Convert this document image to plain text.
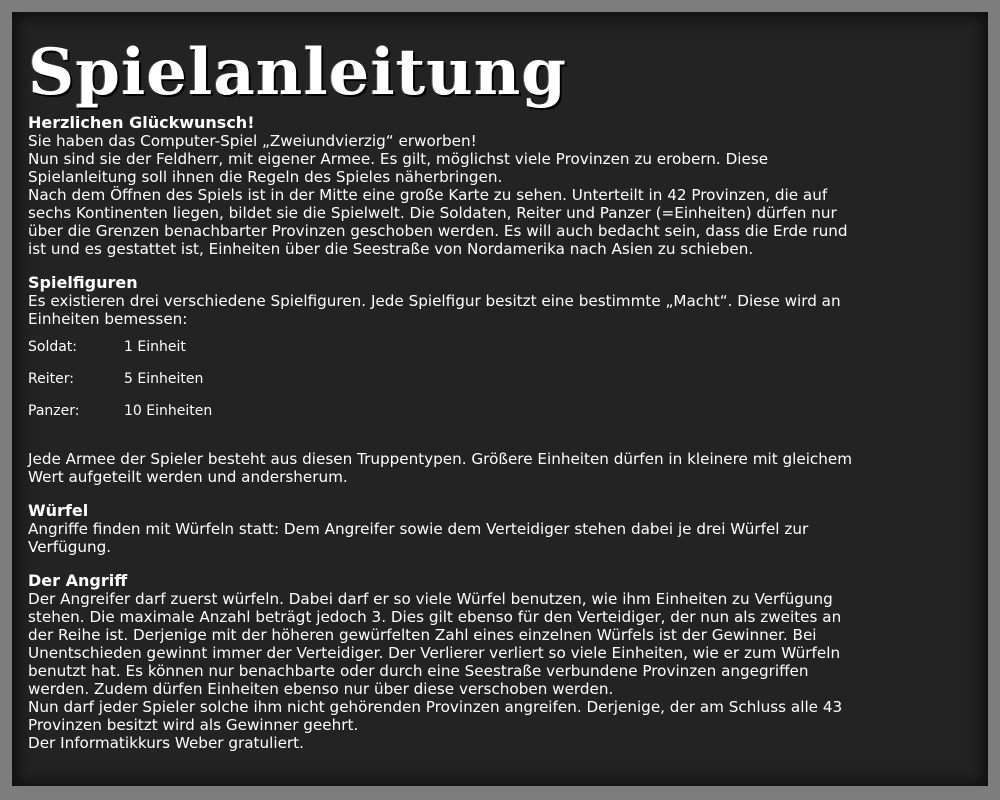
Spielanleitung
Herzlichen Glückwunsch!
Sie haben das Computer-Spiel „Zweiundvierzig“ erworben!
Nun sind sie der Feldherr, mit eigener Armee. Es gilt, möglichst viele Provinzen zu erobern. Diese
Spielanleitung soll ihnen die Regeln des Spieles näherbringen.
Nach dem Öffnen des Spiels ist in der Mitte eine große Karte zu sehen. Unterteilt in 42 Provinzen, die auf
sechs Kontinenten liegen, bildet sie die Spielwelt. Die Soldaten, Reiter und Panzer (=Einheiten) dürfen nur
über die Grenzen benachbarter Provinzen geschoben werden. Es will auch bedacht sein, dass die Erde rund
ist und es gestattet ist, Einheiten über die Seestraße von Nordamerika nach Asien zu schieben.
Spielfiguren
Es existieren drei verschiedene Spielfiguren. Jede Spielfigur besitzt eine bestimmte „Macht“. Diese wird an
Einheiten bemessen:
Soldat:	1 Einheit
Reiter:	5 Einheiten
Panzer:	10 Einheiten
Jede Armee der Spieler besteht aus diesen Truppentypen. Größere Einheiten dürfen in kleinere mit gleichem
Wert aufgeteilt werden und andersherum.
Würfel
Angriffe finden mit Würfeln statt: Dem Angreifer sowie dem Verteidiger stehen dabei je drei Würfel zur
Verfügung.
Der Angriff
Der Angreifer darf zuerst würfeln. Dabei darf er so viele Würfel benutzen, wie ihm Einheiten zu Verfügung
stehen. Die maximale Anzahl beträgt jedoch 3. Dies gilt ebenso für den Verteidiger, der nun als zweites an
der Reihe ist. Derjenige mit der höheren gewürfelten Zahl eines einzelnen Würfels ist der Gewinner. Bei
Unentschieden gewinnt immer der Verteidiger. Der Verlierer verliert so viele Einheiten, wie er zum Würfeln
benutzt hat. Es können nur benachbarte oder durch eine Seestraße verbundene Provinzen angegriffen
werden. Zudem dürfen Einheiten ebenso nur über diese verschoben werden.
Nun darf jeder Spieler solche ihm nicht gehörenden Provinzen angreifen. Derjenige, der am Schluss alle 43
Provinzen besitzt wird als Gewinner geehrt.
Der Informatikkurs Weber gratuliert.
